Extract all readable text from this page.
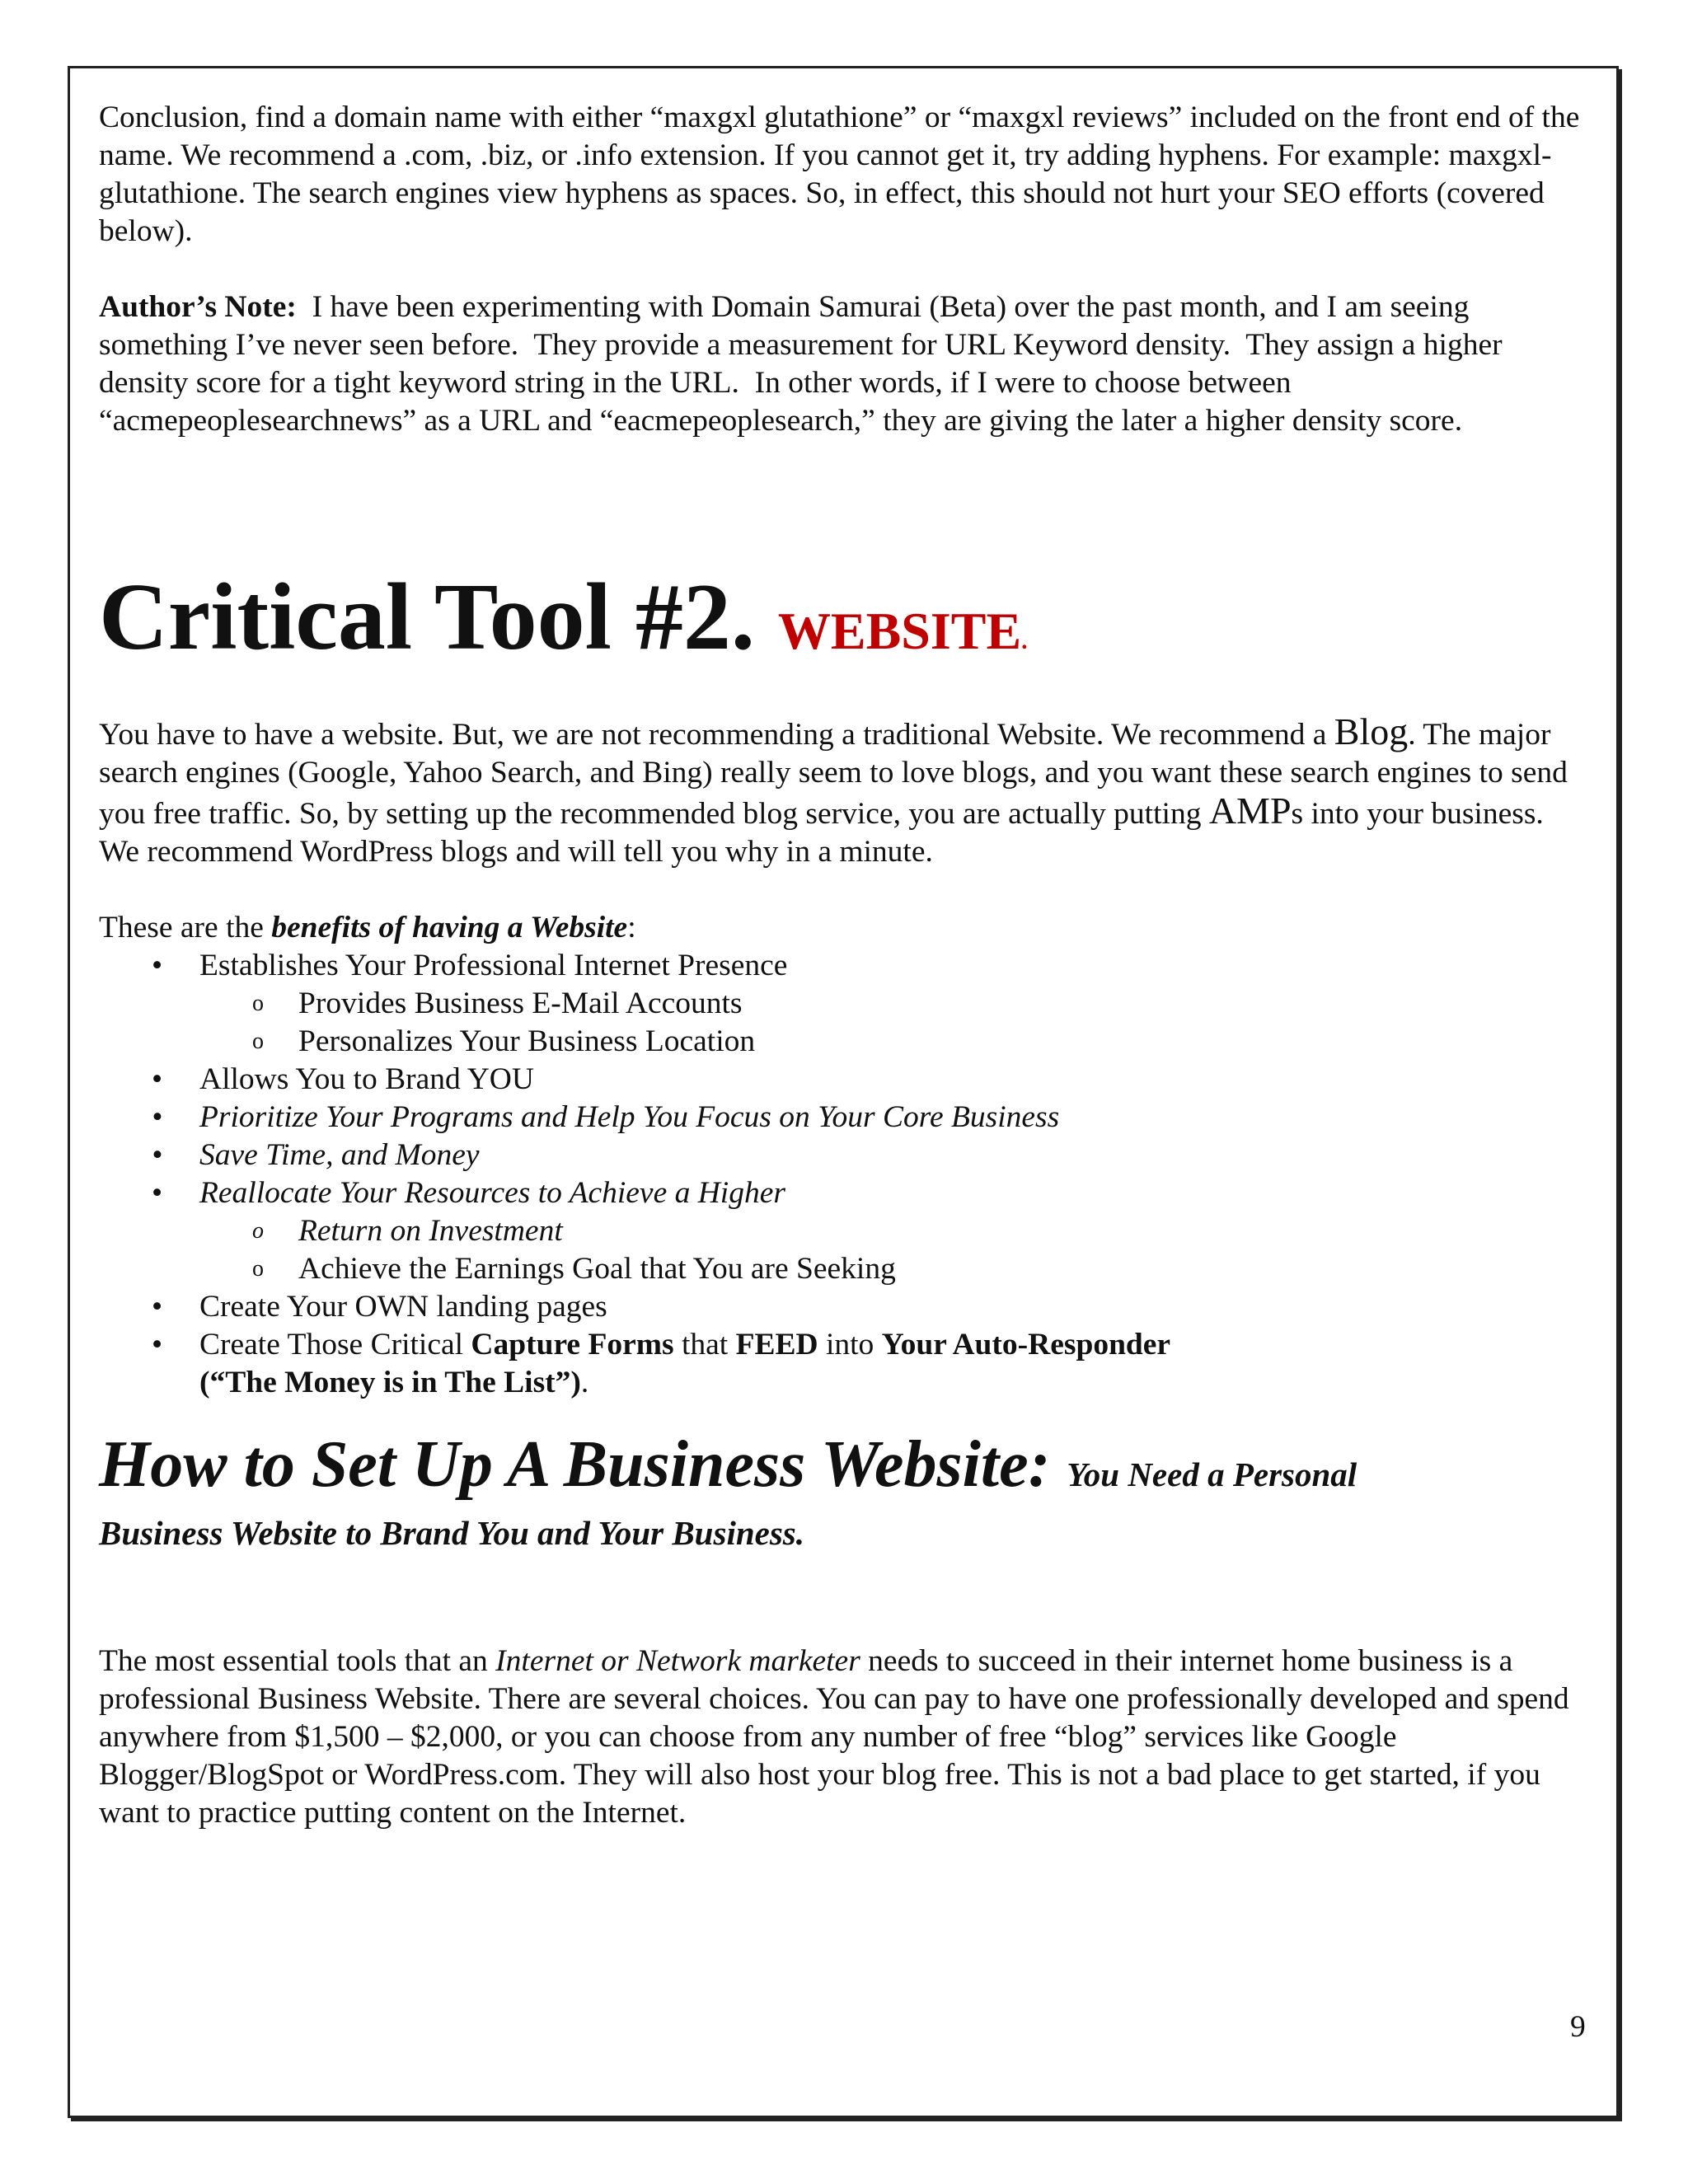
Conclusion, find a domain name with either “maxgxl glutathione” or “maxgxl reviews” included on the front end of the name. We recommend a .com, .biz, or .info extension. If you cannot get it, try adding hyphens. For example: maxgxl-glutathione. The search engines view hyphens as spaces. So, in effect, this should not hurt your SEO efforts (covered below).

Author’s Note:  I have been experimenting with Domain Samurai (Beta) over the past month, and I am seeing something I’ve never seen before.  They provide a measurement for URL Keyword density.  They assign a higher density score for a tight keyword string in the URL.  In other words, if I were to choose between “acmepeoplesearchnews” as a URL and “eacmepeoplesearch,” they are giving the later a higher density score.

Critical Tool #2. WEBSITE.

You have to have a website. But, we are not recommending a traditional Website. We recommend a Blog. The major search engines (Google, Yahoo Search, and Bing) really seem to love blogs, and you want these search engines to send you free traffic. So, by setting up the recommended blog service, you are actually putting AMPs into your business. We recommend WordPress blogs and will tell you why in a minute.

These are the benefits of having a Website:

• Establishes Your Professional Internet Presence
o Provides Business E-Mail Accounts
o Personalizes Your Business Location
• Allows You to Brand YOU
• Prioritize Your Programs and Help You Focus on Your Core Business
• Save Time, and Money
• Reallocate Your Resources to Achieve a Higher
o Return on Investment
o Achieve the Earnings Goal that You are Seeking
• Create Your OWN landing pages
• Create Those Critical Capture Forms that FEED into Your Auto-Responder
(“The Money is in The List”).
How to Set Up A Business Website: You Need a Personal
Business Website to Brand You and Your Business.

The most essential tools that an Internet or Network marketer needs to succeed in their internet home business is a professional Business Website. There are several choices. You can pay to have one professionally developed and spend anywhere from $1,500 – $2,000, or you can choose from any number of free “blog” services like Google Blogger/BlogSpot or WordPress.com. They will also host your blog free. This is not a bad place to get started, if you want to practice putting content on the Internet.

9
